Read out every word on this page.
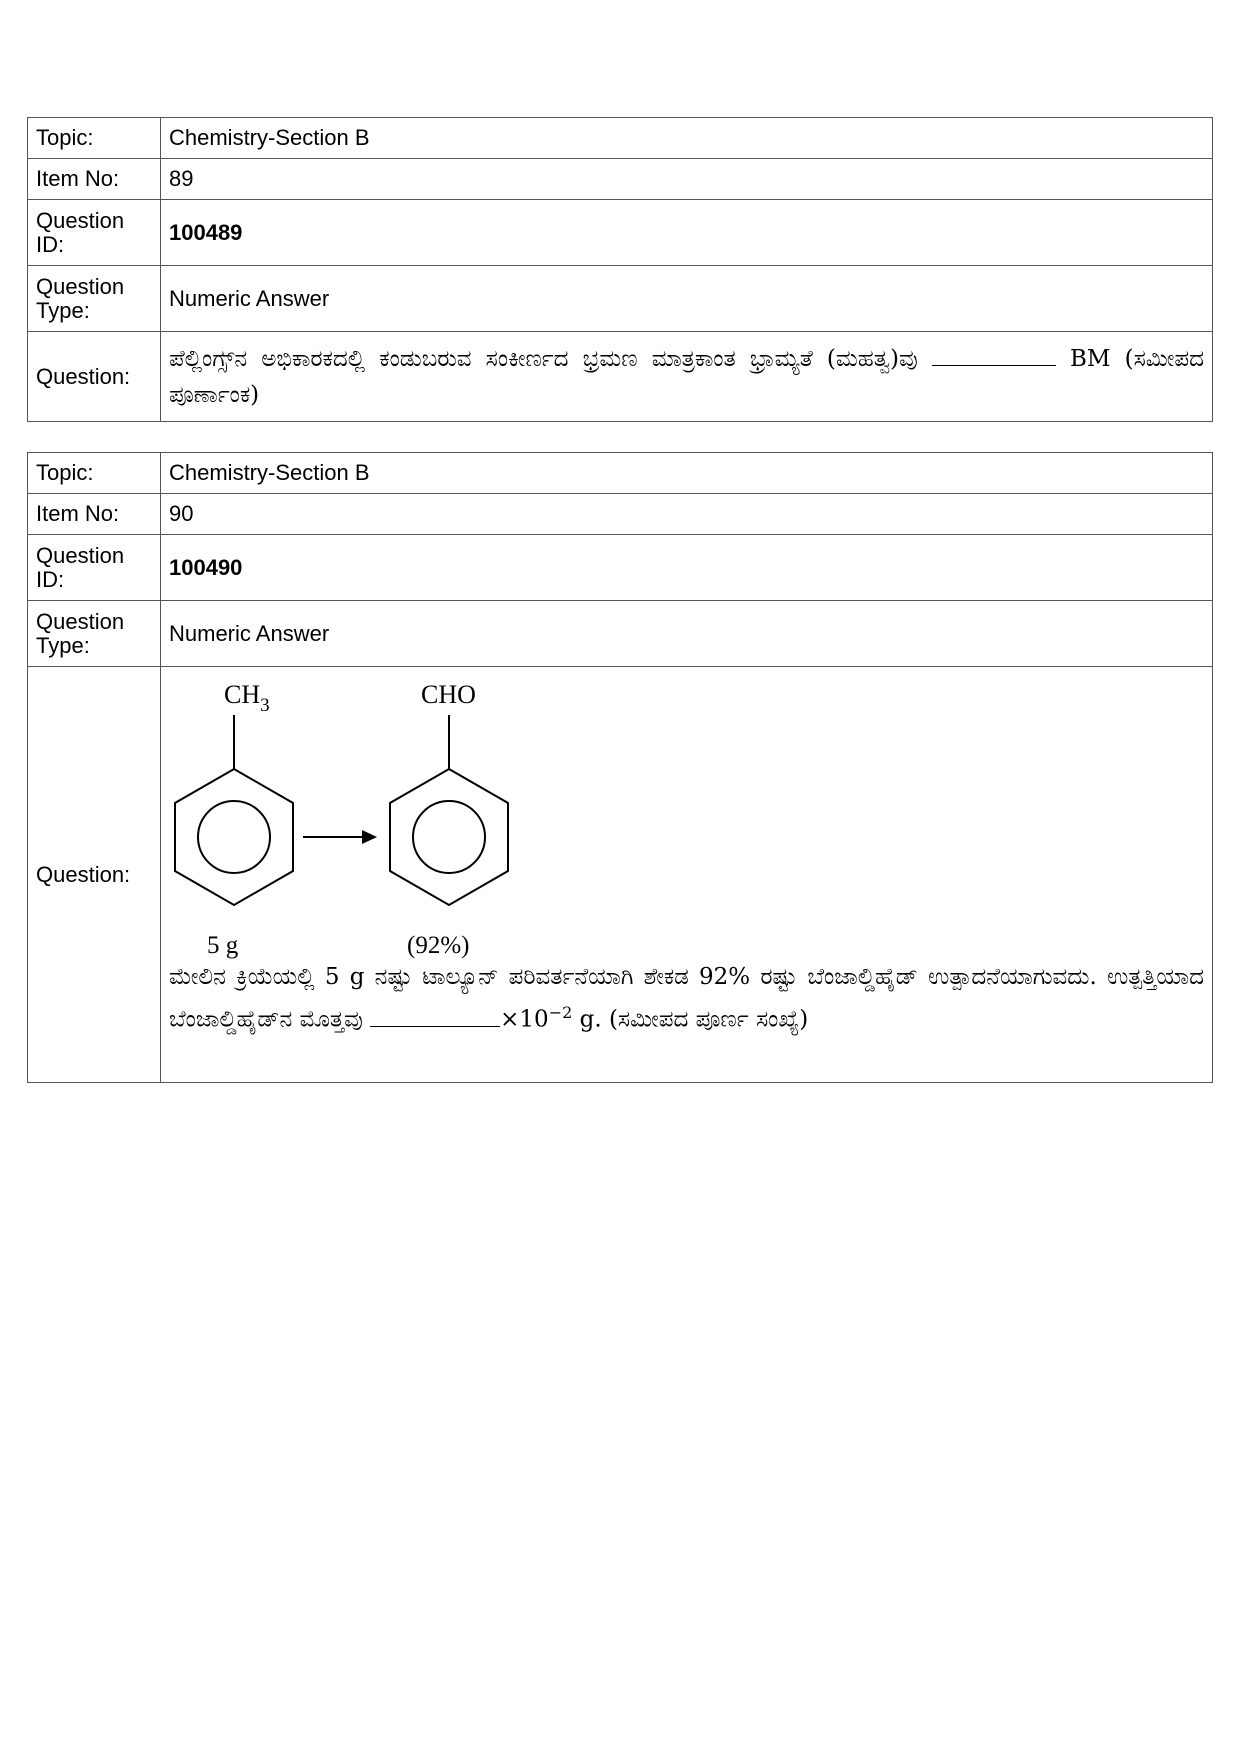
Topic:	Chemistry-Section B
Item No:	89
Question ID:	100489
Question Type:	Numeric Answer
Question:	ಪೆಲ್ಲಿಂಗ್ಸ್‌ನ ಅಭಿಕಾರಕದಲ್ಲಿ ಕಂಡುಬರುವ ಸಂಕೀರ್ಣದ ಭ್ರಮಣ ಮಾತ್ರಕಾಂತ ಭ್ರಾಮ್ಯತೆ (ಮಹತ್ವ)ವು BM (ಸಮೀಪದ ಪೂರ್ಣಾಂಕ)
Topic:	Chemistry-Section B
Item No:	90
Question ID:	100490
Question Type:	Numeric Answer
Question:	$CH_3$
5 g
CHO
(92%)
ಮೇಲಿನ ಕ್ರಿಯೆಯಲ್ಲಿ 5 g ನಷ್ಟು ಟಾಲ್ಯೂನ್ ಪರಿವರ್ತನೆಯಾಗಿ ಶೇಕಡ 92% ರಷ್ಟು ಬೆಂಜಾಲ್ಡಿಹೈಡ್ ಉತ್ಪಾದನೆಯಾಗುವದು. ಉತ್ಪತ್ತಿಯಾದ ಬೆಂಜಾಲ್ಡಿಹೈಡ್‌ನ ಮೊತ್ತವು $\times 10^{-2}$ g. (ಸಮೀಪದ ಪೂರ್ಣ ಸಂಖ್ಯೆ)
